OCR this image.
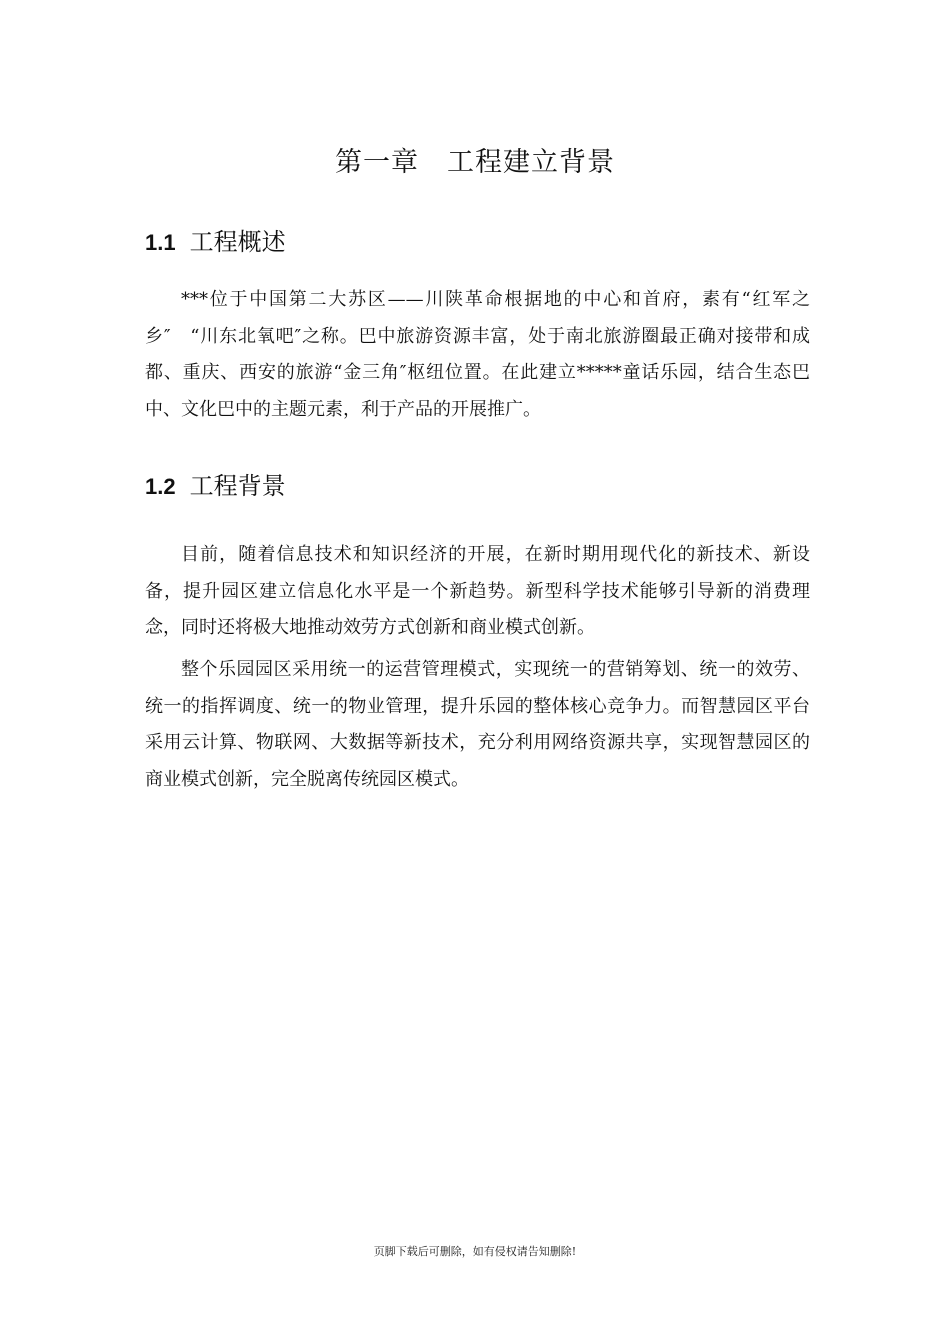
第一章　工程建立背景
1.1 工程概述

***位于中国第二大苏区——川陕革命根据地的中心和首府，素有“红军之乡″　“川东北氧吧″之称。巴中旅游资源丰富，处于南北旅游圈最正确对接带和成都、重庆、西安的旅游“金三角″枢纽位置。在此建立*****童话乐园，结合生态巴中、文化巴中的主题元素，利于产品的开展推广。

1.2 工程背景

目前，随着信息技术和知识经济的开展，在新时期用现代化的新技术、新设备，提升园区建立信息化水平是一个新趋势。新型科学技术能够引导新的消费理念，同时还将极大地推动效劳方式创新和商业模式创新。

整个乐园园区采用统一的运营管理模式，实现统一的营销筹划、统一的效劳、统一的指挥调度、统一的物业管理，提升乐园的整体核心竞争力。而智慧园区平台采用云计算、物联网、大数据等新技术，充分利用网络资源共享，实现智慧园区的商业模式创新，完全脱离传统园区模式。

页脚下载后可删除，如有侵权请告知删除!
